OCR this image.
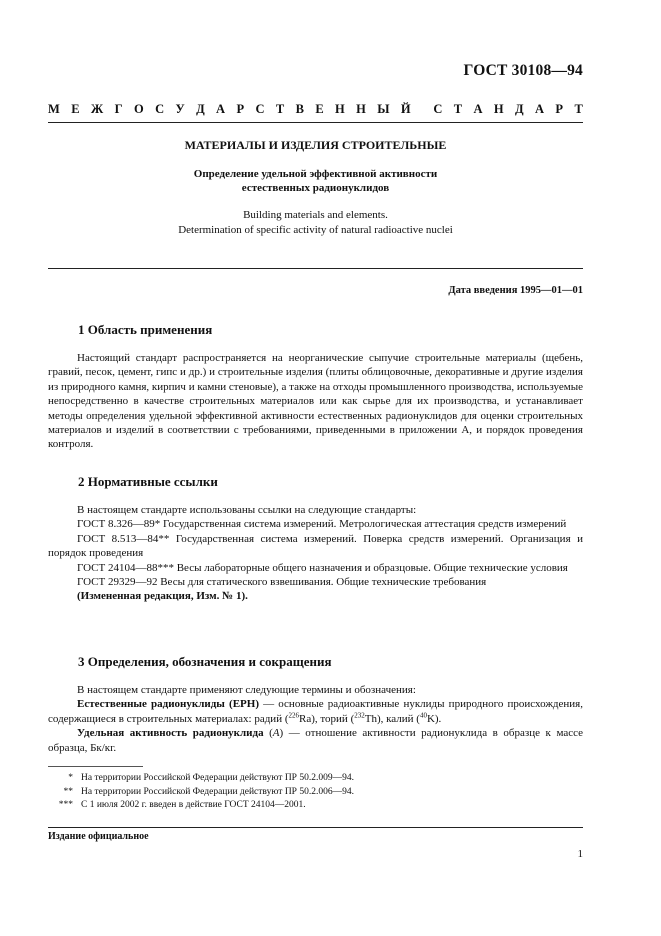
ГОСТ 30108—94
М Е Ж Г О С У Д А Р С Т В Е Н Н Ы Й С Т А Н Д А Р Т
МАТЕРИАЛЫ И ИЗДЕЛИЯ СТРОИТЕЛЬНЫЕ
Определение удельной эффективной активности
естественных радионуклидов
Building materials and elements.
Determination of specific activity of natural radioactive nuclei
Дата введения 1995—01—01
1 Область применения

Настоящий стандарт распространяется на неорганические сыпучие строительные материалы (щебень, гравий, песок, цемент, гипс и др.) и строительные изделия (плиты облицовочные, декоративные и другие изделия из природного камня, кирпич и камни стеновые), а также на отходы промышленного производства, используемые непосредственно в качестве строительных материалов или как сырье для их производства, и устанавливает методы определения удельной эффективной активности естественных радионуклидов для оценки строительных материалов и изделий в соответствии с требованиями, приведенными в приложении А, и порядок проведения контроля.

2 Нормативные ссылки

В настоящем стандарте использованы ссылки на следующие стандарты:

ГОСТ 8.326—89* Государственная система измерений. Метрологическая аттестация средств измерений

ГОСТ 8.513—84** Государственная система измерений. Поверка средств измерений. Организация и порядок проведения

ГОСТ 24104—88*** Весы лабораторные общего назначения и образцовые. Общие технические условия

ГОСТ 29329—92 Весы для статического взвешивания. Общие технические требования

(Измененная редакция, Изм. № 1).

3 Определения, обозначения и сокращения

В настоящем стандарте применяют следующие термины и обозначения:

Естественные радионуклиды (ЕРН) — основные радиоактивные нуклиды природного происхождения, содержащиеся в строительных материалах: радий ($^{226}$Ra), торий ($^{232}$Th), калий ($^{40}$K).

Удельная активность радионуклида (A) — отношение активности радионуклида в образце к массе образца, Бк/кг.

* На территории Российской Федерации действуют ПР 50.2.009—94.
** На территории Российской Федерации действуют ПР 50.2.006—94.
*** С 1 июля 2002 г. введен в действие ГОСТ 24104—2001.
Издание официальное
1
